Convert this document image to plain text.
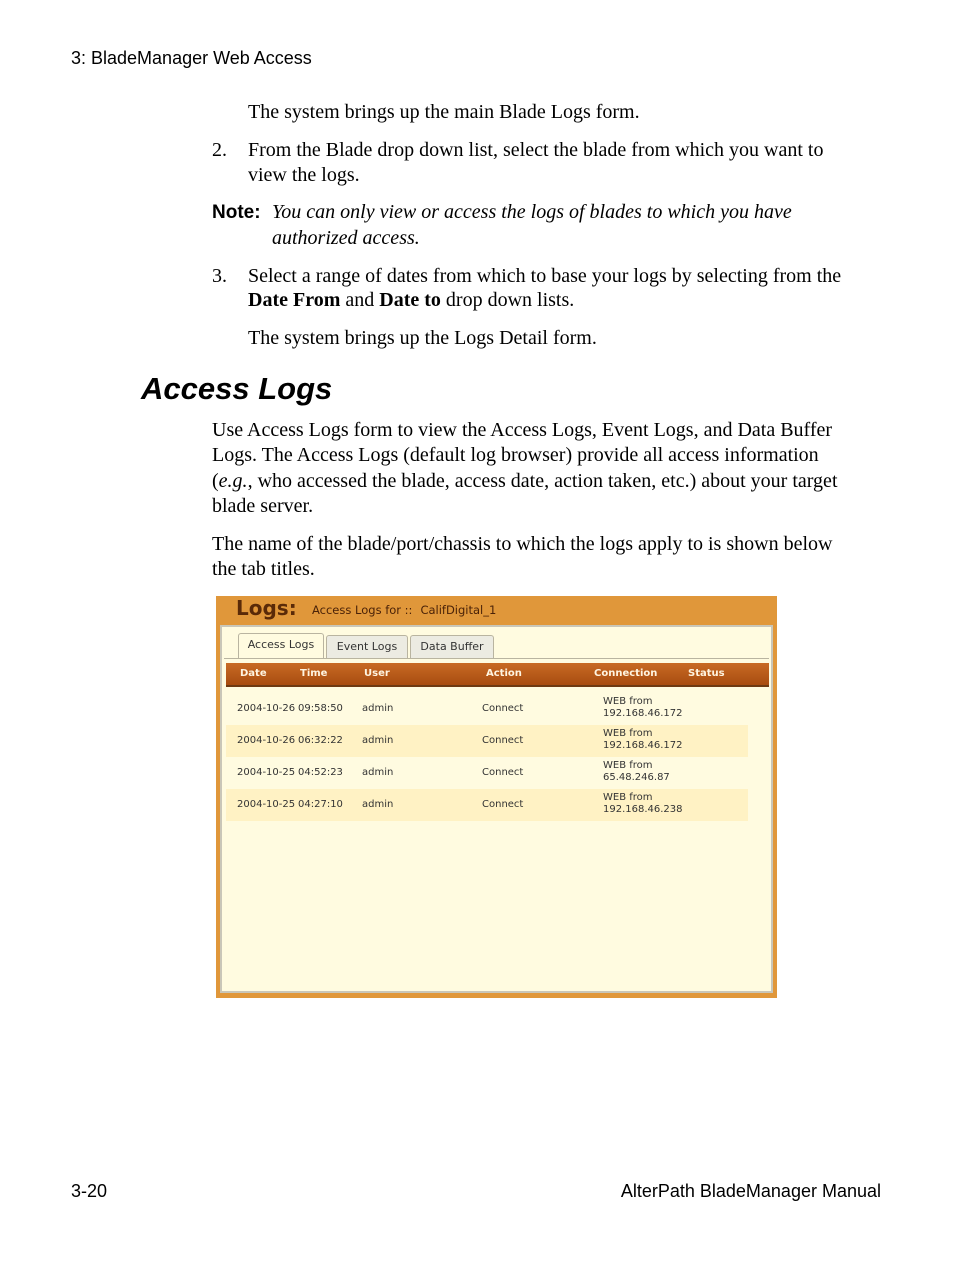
3: BladeManager Web Access
The system brings up the main Blade Logs form.
2. From the Blade drop down list, select the blade from which you want to
view the logs.
Note: You can only view or access the logs of blades to which you have
authorized access.
3. Select a range of dates from which to base your logs by selecting from the
Date From and Date to drop down lists.
The system brings up the Logs Detail form.
Access Logs
Use Access Logs form to view the Access Logs, Event Logs, and Data Buffer
Logs. The Access Logs (default log browser) provide all access information
(e.g., who accessed the blade, access date, action taken, etc.) about your target
blade server.
The name of the blade/port/chassis to which the logs apply to is shown below
the tab titles.
Logs: Access Logs for :: CalifDigital_1
Access Logs	Event Logs	Data Buffer
Date	Time	User	Action	Connection	Status
2004-10-26 09:58:50 admin	Connect
WEB from
192.168.46.172
2004-10-26 06:32:22 admin	Connect
WEB from
192.168.46.172
2004-10-25 04:52:23 admin	Connect
WEB from
65.48.246.87
2004-10-25 04:27:10 admin	Connect
WEB from
192.168.46.238
3-20	AlterPath BladeManager Manual
